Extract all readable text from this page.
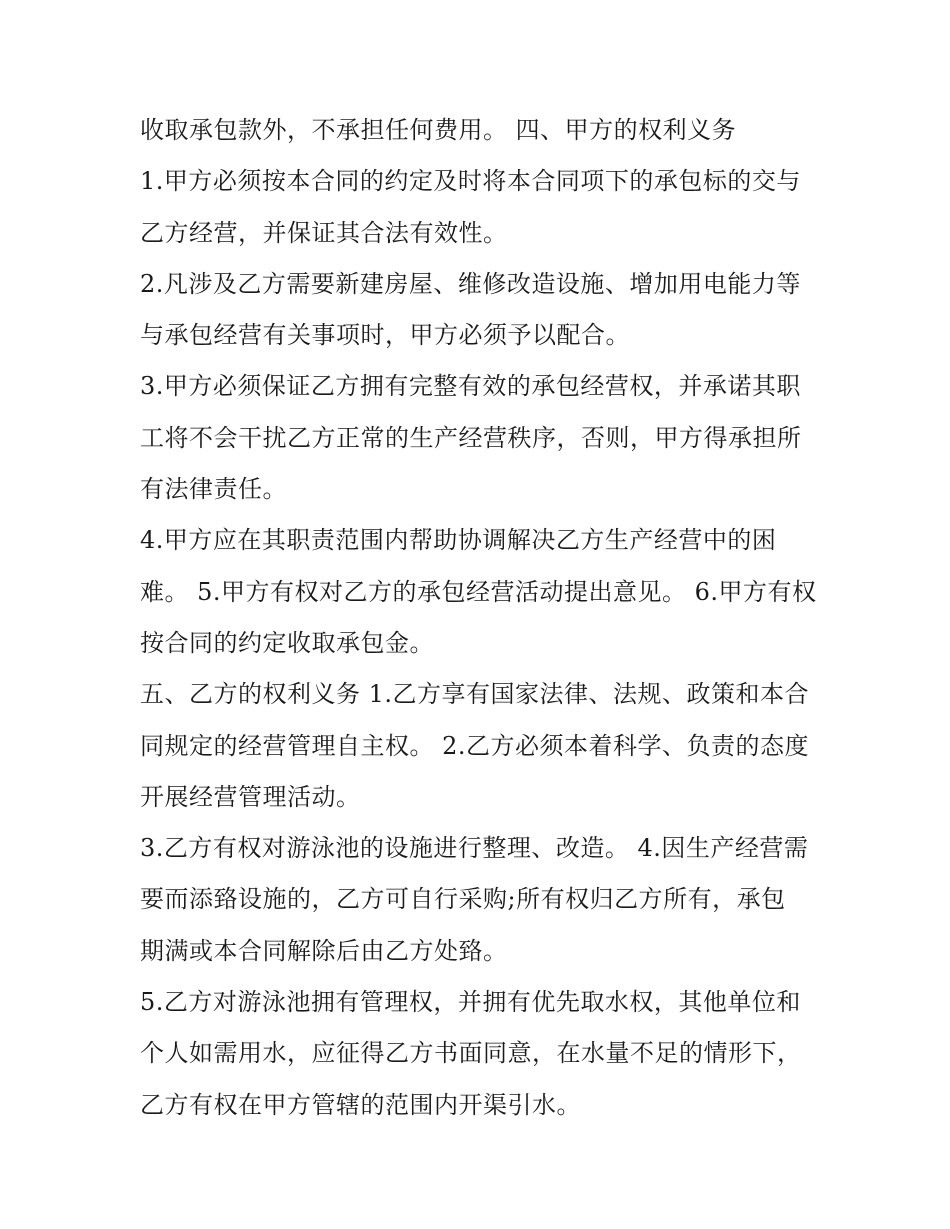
收取承包款外，不承担任何费用。 四、甲方的权利义务
1.甲方必须按本合同的约定及时将本合同项下的承包标的交与
乙方经营，并保证其合法有效性。
2.凡涉及乙方需要新建房屋、维修改造设施、增加用电能力等
与承包经营有关事项时，甲方必须予以配合。
3.甲方必须保证乙方拥有完整有效的承包经营权，并承诺其职
工将不会干扰乙方正常的生产经营秩序，否则，甲方得承担所
有法律责任。
4.甲方应在其职责范围内帮助协调解决乙方生产经营中的困
难。 5.甲方有权对乙方的承包经营活动提出意见。 6.甲方有权
按合同的约定收取承包金。
五、乙方的权利义务 1.乙方享有国家法律、法规、政策和本合
同规定的经营管理自主权。 2.乙方必须本着科学、负责的态度
开展经营管理活动。
3.乙方有权对游泳池的设施进行整理、改造。 4.因生产经营需
要而添臵设施的，乙方可自行采购;所有权归乙方所有，承包
期满或本合同解除后由乙方处臵。
5.乙方对游泳池拥有管理权，并拥有优先取水权，其他单位和
个人如需用水，应征得乙方书面同意，在水量不足的情形下，
乙方有权在甲方管辖的范围内开渠引水。
